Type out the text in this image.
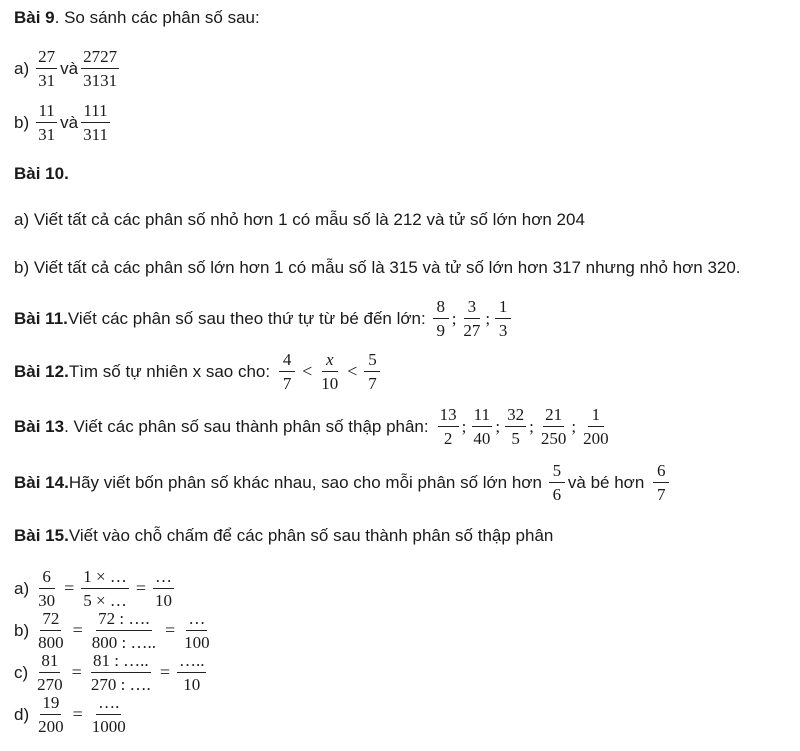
Bài 9 . So sánh các phân số sau:
$a) \frac{27}{31}$ và $\frac{2727}{3131}$
$b) \frac{11}{31}$ và $\frac{111}{311}$
Bài 10.
a) Viết tất cả các phân số nhỏ hơn 1 có mẫu số là 212 và tử số lớn hơn 204
b) Viết tất cả các phân số lớn hơn 1 có mẫu số là 315 và tử số lớn hơn 317 nhưng nhỏ hơn 320.
Bài 11. Viết các phân số sau theo thứ tự từ bé đến lớn: $\frac{8}{9}$ ; $\frac{3}{27}$ ; $\frac{1}{3}$
Bài 12. Tìm số tự nhiên x sao cho: $\frac{4}{7} < \frac{x}{10} < \frac{5}{7}$
Bài 13 . Viết các phân số sau thành phân số thập phân: $\frac{13}{2}$ ; $\frac{11}{40}$ ; $\frac{32}{5}$ ; $\frac{21}{250}$ ; $\frac{1}{200}$
Bài 14. Hãy viết bốn phân số khác nhau, sao cho mỗi phân số lớn hơn $\frac{5}{6}$ và bé hơn $\frac{6}{7}$
Bài 15. Viết vào chỗ chấm để các phân số sau thành phân số thập phân
$a) \frac{6}{30} = \frac{1 \times \dots}{5 \times \dots} = \frac{\dots}{10}$
$b) \frac{72}{800} = \frac{72 : \dots.}{800 : \dots..} = \frac{\dots}{100}$
$c) \frac{81}{270} = \frac{81 : \dots..}{270 : \dots.} = \frac{\dots..}{10}$
$d) \frac{19}{200} = \frac{\dots.}{1000}$
